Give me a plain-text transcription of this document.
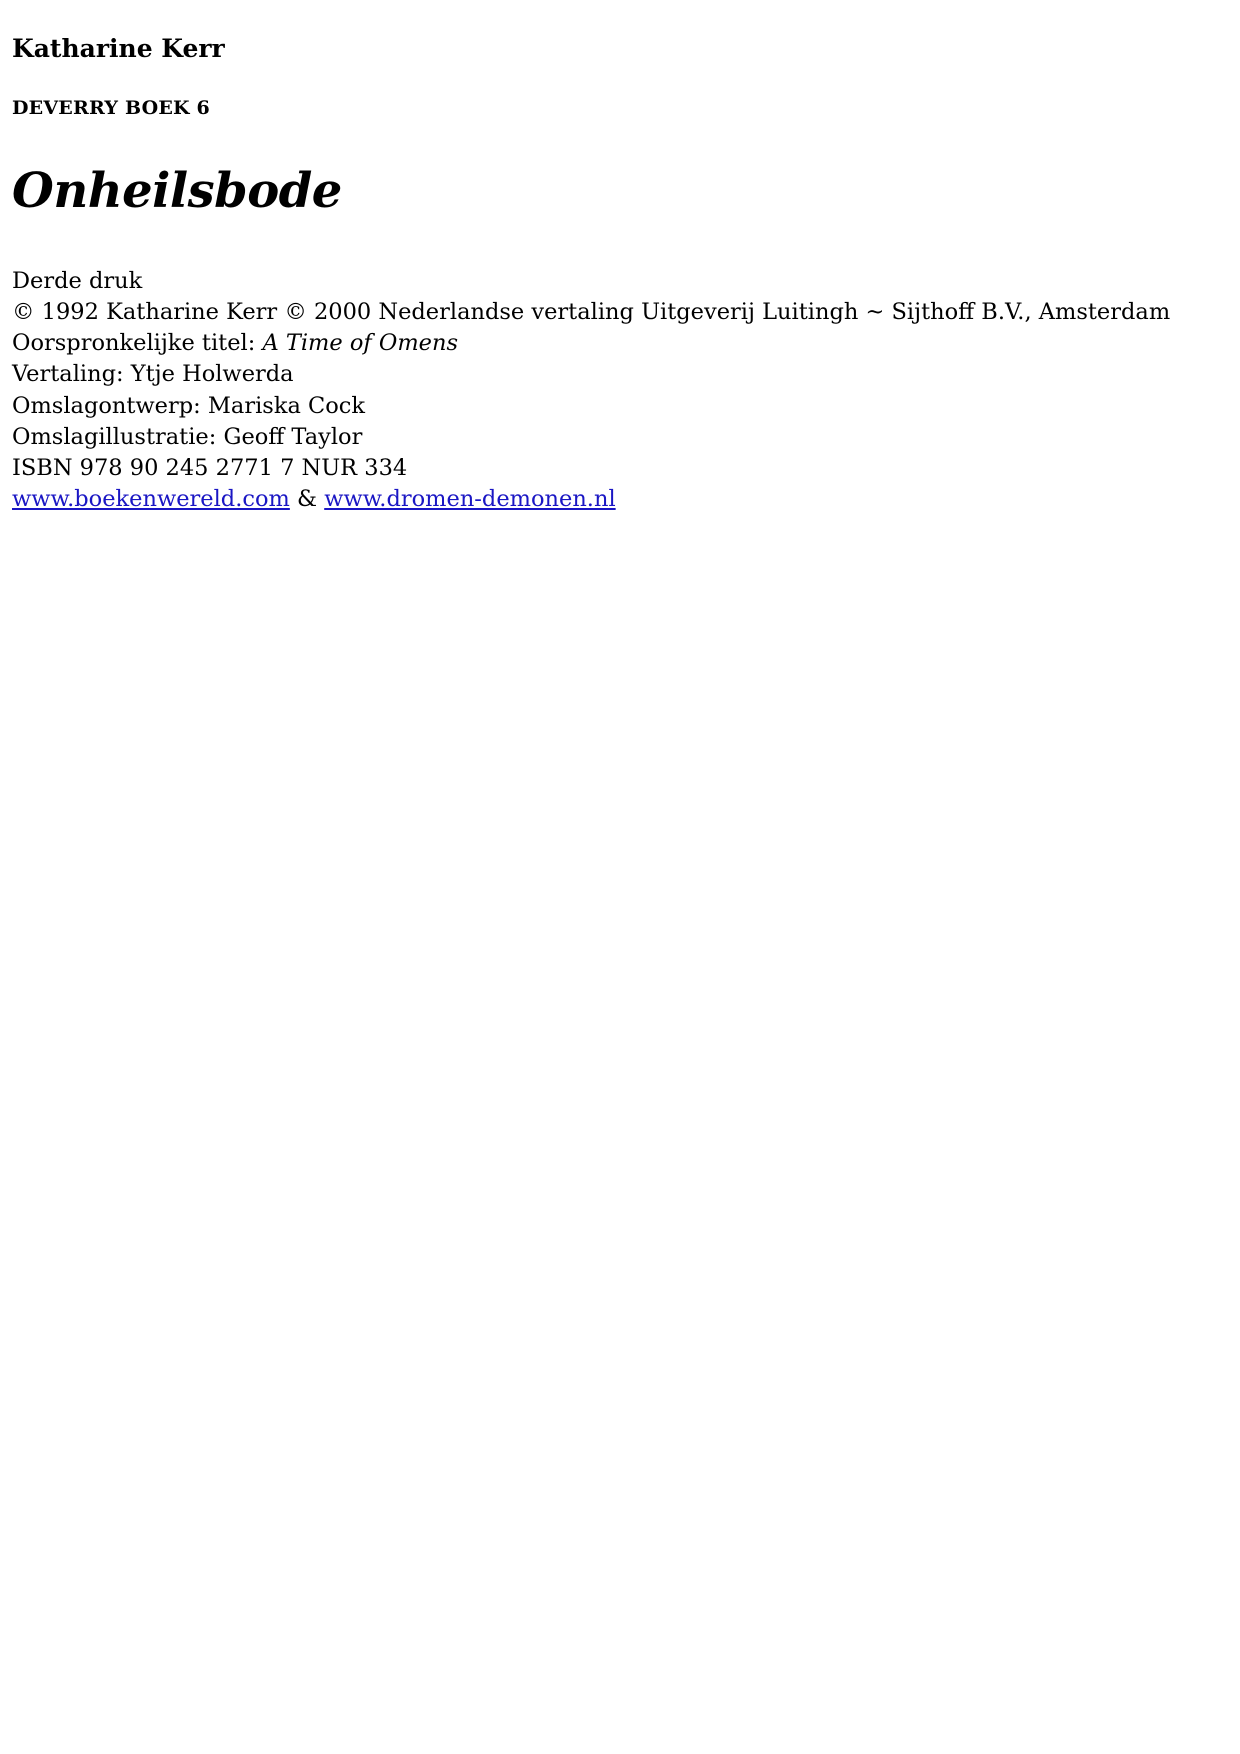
Katharine Kerr
DEVERRY BOEK 6
Onheilsbode
Derde druk
© 1992 Katharine Kerr © 2000 Nederlandse vertaling Uitgeverij Luitingh ~ Sijthoff B.V., Amsterdam
Oorspronkelijke titel: A Time of Omens
Vertaling: Ytje Holwerda
Omslagontwerp: Mariska Cock
Omslagillustratie: Geoff Taylor
ISBN 978 90 245 2771 7 NUR 334
www.boekenwereld.com & www.dromen-demonen.nl
